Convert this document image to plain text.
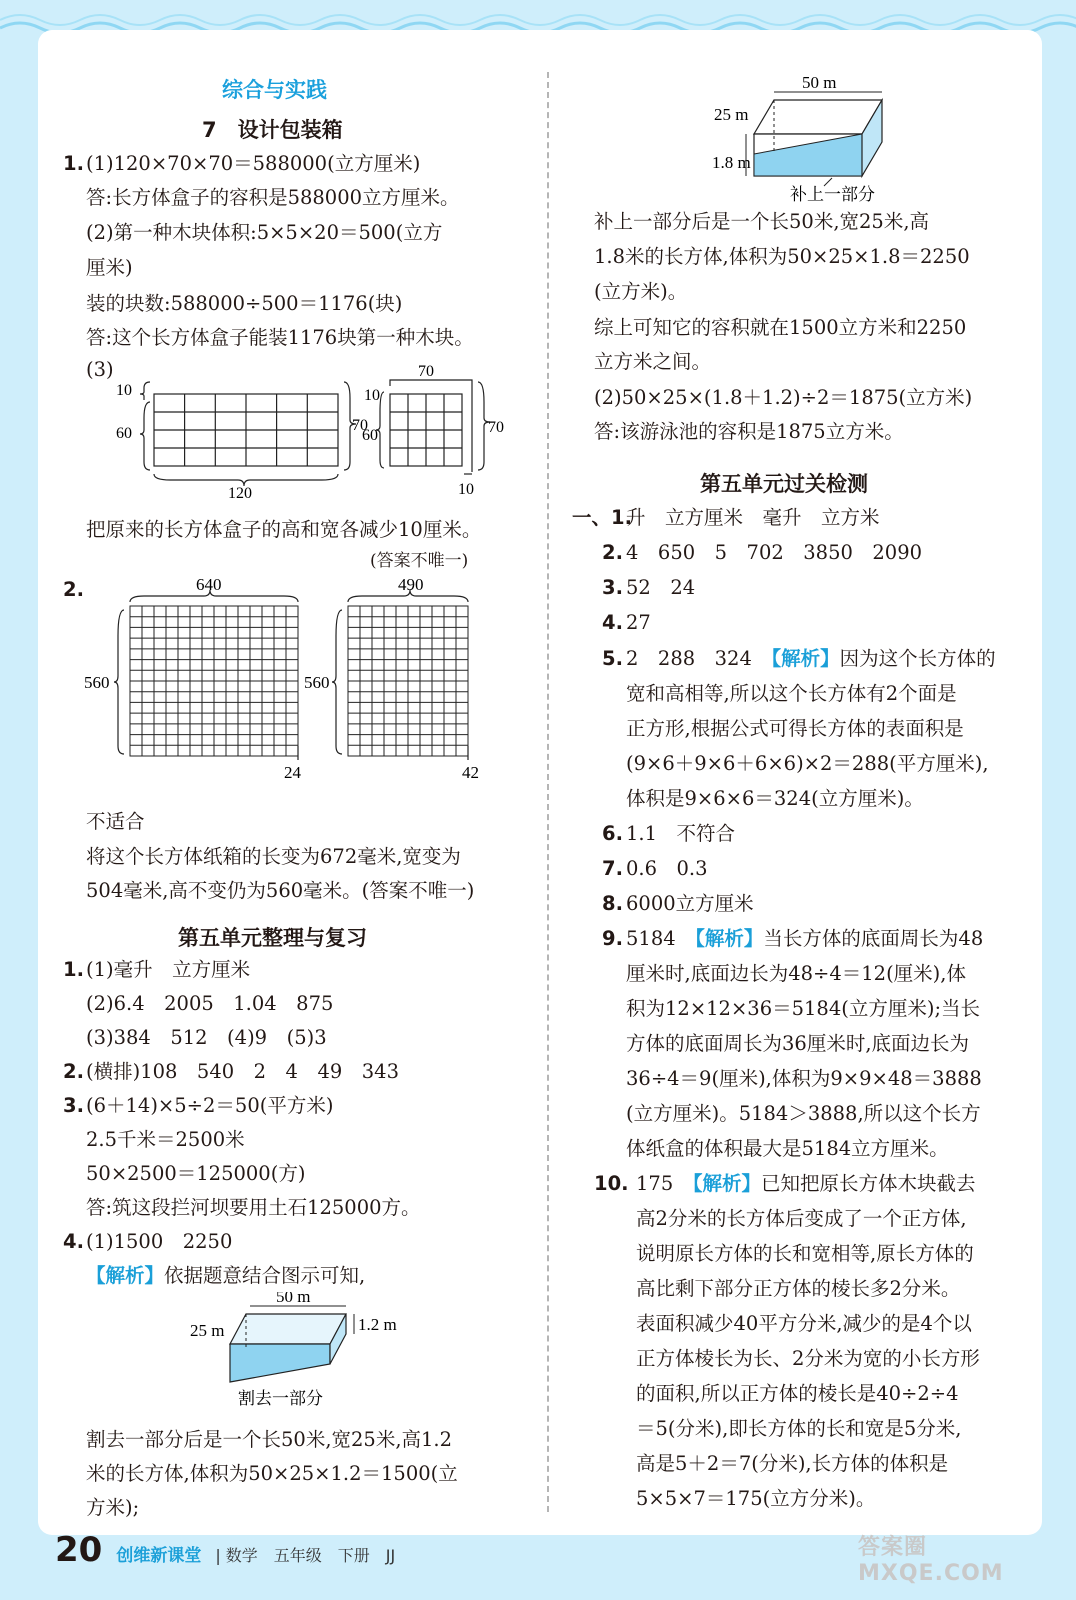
综合与实践
7　设计包装箱
1. (1)120×70×70＝588000(立方厘米)
答:长方体盒子的容积是588000立方厘米。
(2)第一种木块体积:5×5×20＝500(立方
厘米)
装的块数:588000÷500＝1176(块)
答:这个长方体盒子能装1176块第一种木块。
(3)
10
60	70
120
10
70
60	70
10
把原来的长方体盒子的高和宽各减少10厘米。
(答案不唯一)
2.	640
560
24
490
560
42
不适合
将这个长方体纸箱的长变为672毫米,宽变为
504毫米,高不变仍为560毫米。(答案不唯一)
第五单元整理与复习
1. (1)毫升　立方厘米
(2)6.4　2005　1.04　875
(3)384　512　(4)9　(5)3
2. (横排)108　540　2　4　49　343
3. (6＋14)×5÷2＝50(平方米)
2.5千米＝2500米
50×2500＝125000(方)
答:筑这段拦河坝要用土石125000方。
4. (1)1500　2250
【解析】依据题意结合图示可知,
50 m
25 m	1.2 m
割去一部分
割去一部分后是一个长50米,宽25米,高1.2
米的长方体,体积为50×25×1.2＝1500(立
方米);
50 m
25 m
1.8 m
补上一部分
补上一部分后是一个长50米,宽25米,高
1.8米的长方体,体积为50×25×1.8＝2250
(立方米)。
综上可知它的容积就在1500立方米和2250
立方米之间。
(2)50×25×(1.8＋1.2)÷2＝1875(立方米)
答:该游泳池的容积是1875立方米。
第五单元过关检测
一、1.
升　立方厘米　毫升　立方米
2. 4　650　5　702　3850　2090
3. 52　24
4. 27
5. 2　288　324　 【解析】因为这个长方体的
宽和高相等,所以这个长方体有2个面是
正方形,根据公式可得长方体的表面积是
(9×6＋9×6＋6×6)×2＝288(平方厘米),
体积是9×6×6＝324(立方厘米)。
6. 1.1　不符合
7. 0.6　0.3
8. 6000立方厘米
9. 5184　 【解析】当长方体的底面周长为48
厘米时,底面边长为48÷4＝12(厘米),体
积为12×12×36＝5184(立方厘米);当长
方体的底面周长为36厘米时,底面边长为
36÷4＝9(厘米),体积为9×9×48＝3888
(立方厘米)。5184＞3888,所以这个长方
体纸盒的体积最大是5184立方厘米。
10. 175　 【解析】已知把原长方体木块截去
高2分米的长方体后变成了一个正方体,
说明原长方体的长和宽相等,原长方体的
高比剩下部分正方体的棱长多2分米。
表面积减少40平方分米,减少的是4个以
正方体棱长为长、2分米为宽的小长方形
的面积,所以正方体的棱长是40÷2÷4
＝5(分米),即长方体的长和宽是5分米,
高是5＋2＝7(分米),长方体的体积是
5×5×7＝175(立方分米)。
20 创维新课堂 | 数学　五年级　下册　JJ	答案圈 MXQE.COM
